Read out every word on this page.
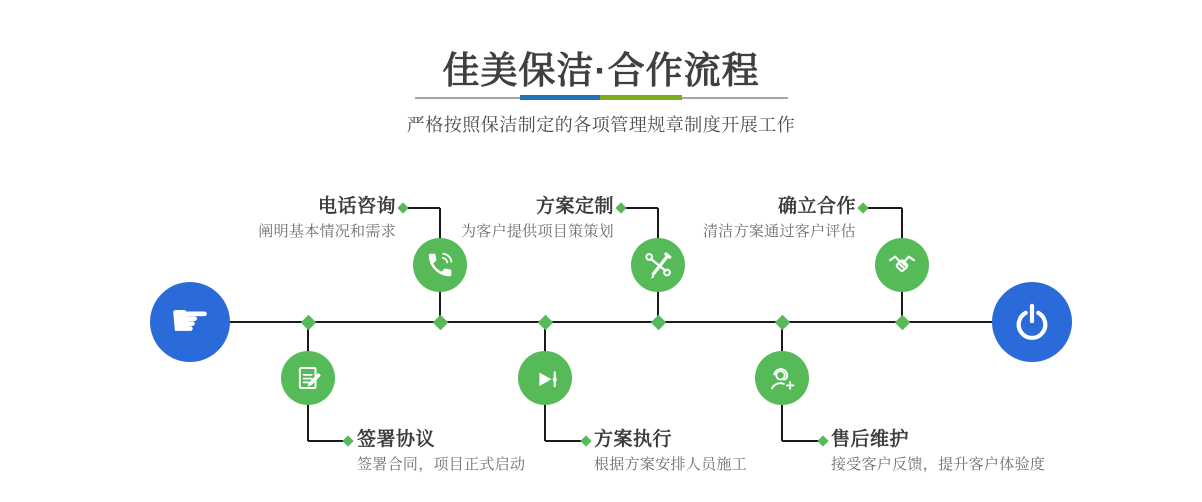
佳美保洁·合作流程

严格按照保洁制定的各项管理规章制度开展工作

☛
签署协议
签署合同，项目正式启动
电话咨询
阐明基本情况和需求
方案执行
根据方案安排人员施工
方案定制
为客户提供项目策策划
售后维护
接受客户反馈，提升客户体验度
确立合作
清洁方案通过客户评估
